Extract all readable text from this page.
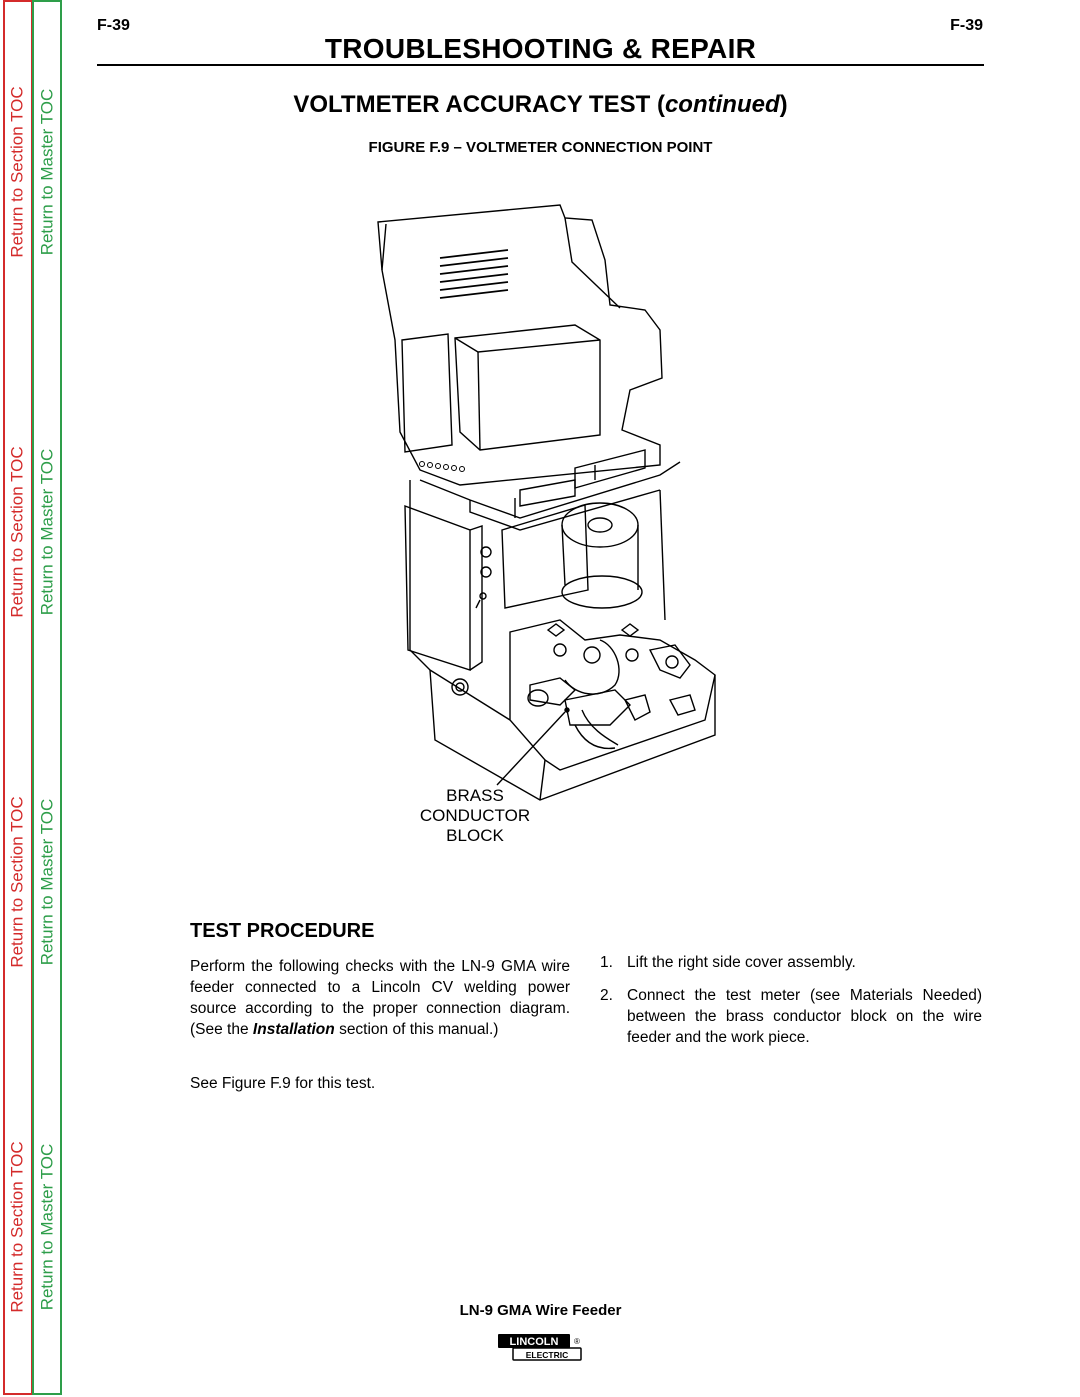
Return to Section TOC
Return to Section TOC
Return to Section TOC
Return to Section TOC
Return to Master TOC
Return to Master TOC
Return to Master TOC
Return to Master TOC
F-39	F-39
TROUBLESHOOTING & REPAIR
VOLTMETER ACCURACY TEST (continued)
FIGURE F.9 – VOLTMETER CONNECTION POINT
BRASS
CONDUCTOR
BLOCK
TEST PROCEDURE
Perform the following checks with the LN-9 GMA wire feeder connected to a Lincoln CV welding power source according to the proper connection diagram. (See the Installation section of this manual.)
See Figure F.9 for this test.
1. Lift the right side cover assembly.
2. Connect the test meter (see Materials Needed) between the brass conductor block on the wire feeder and the work piece.
LN-9 GMA Wire Feeder
LINCOLN ®
ELECTRIC
